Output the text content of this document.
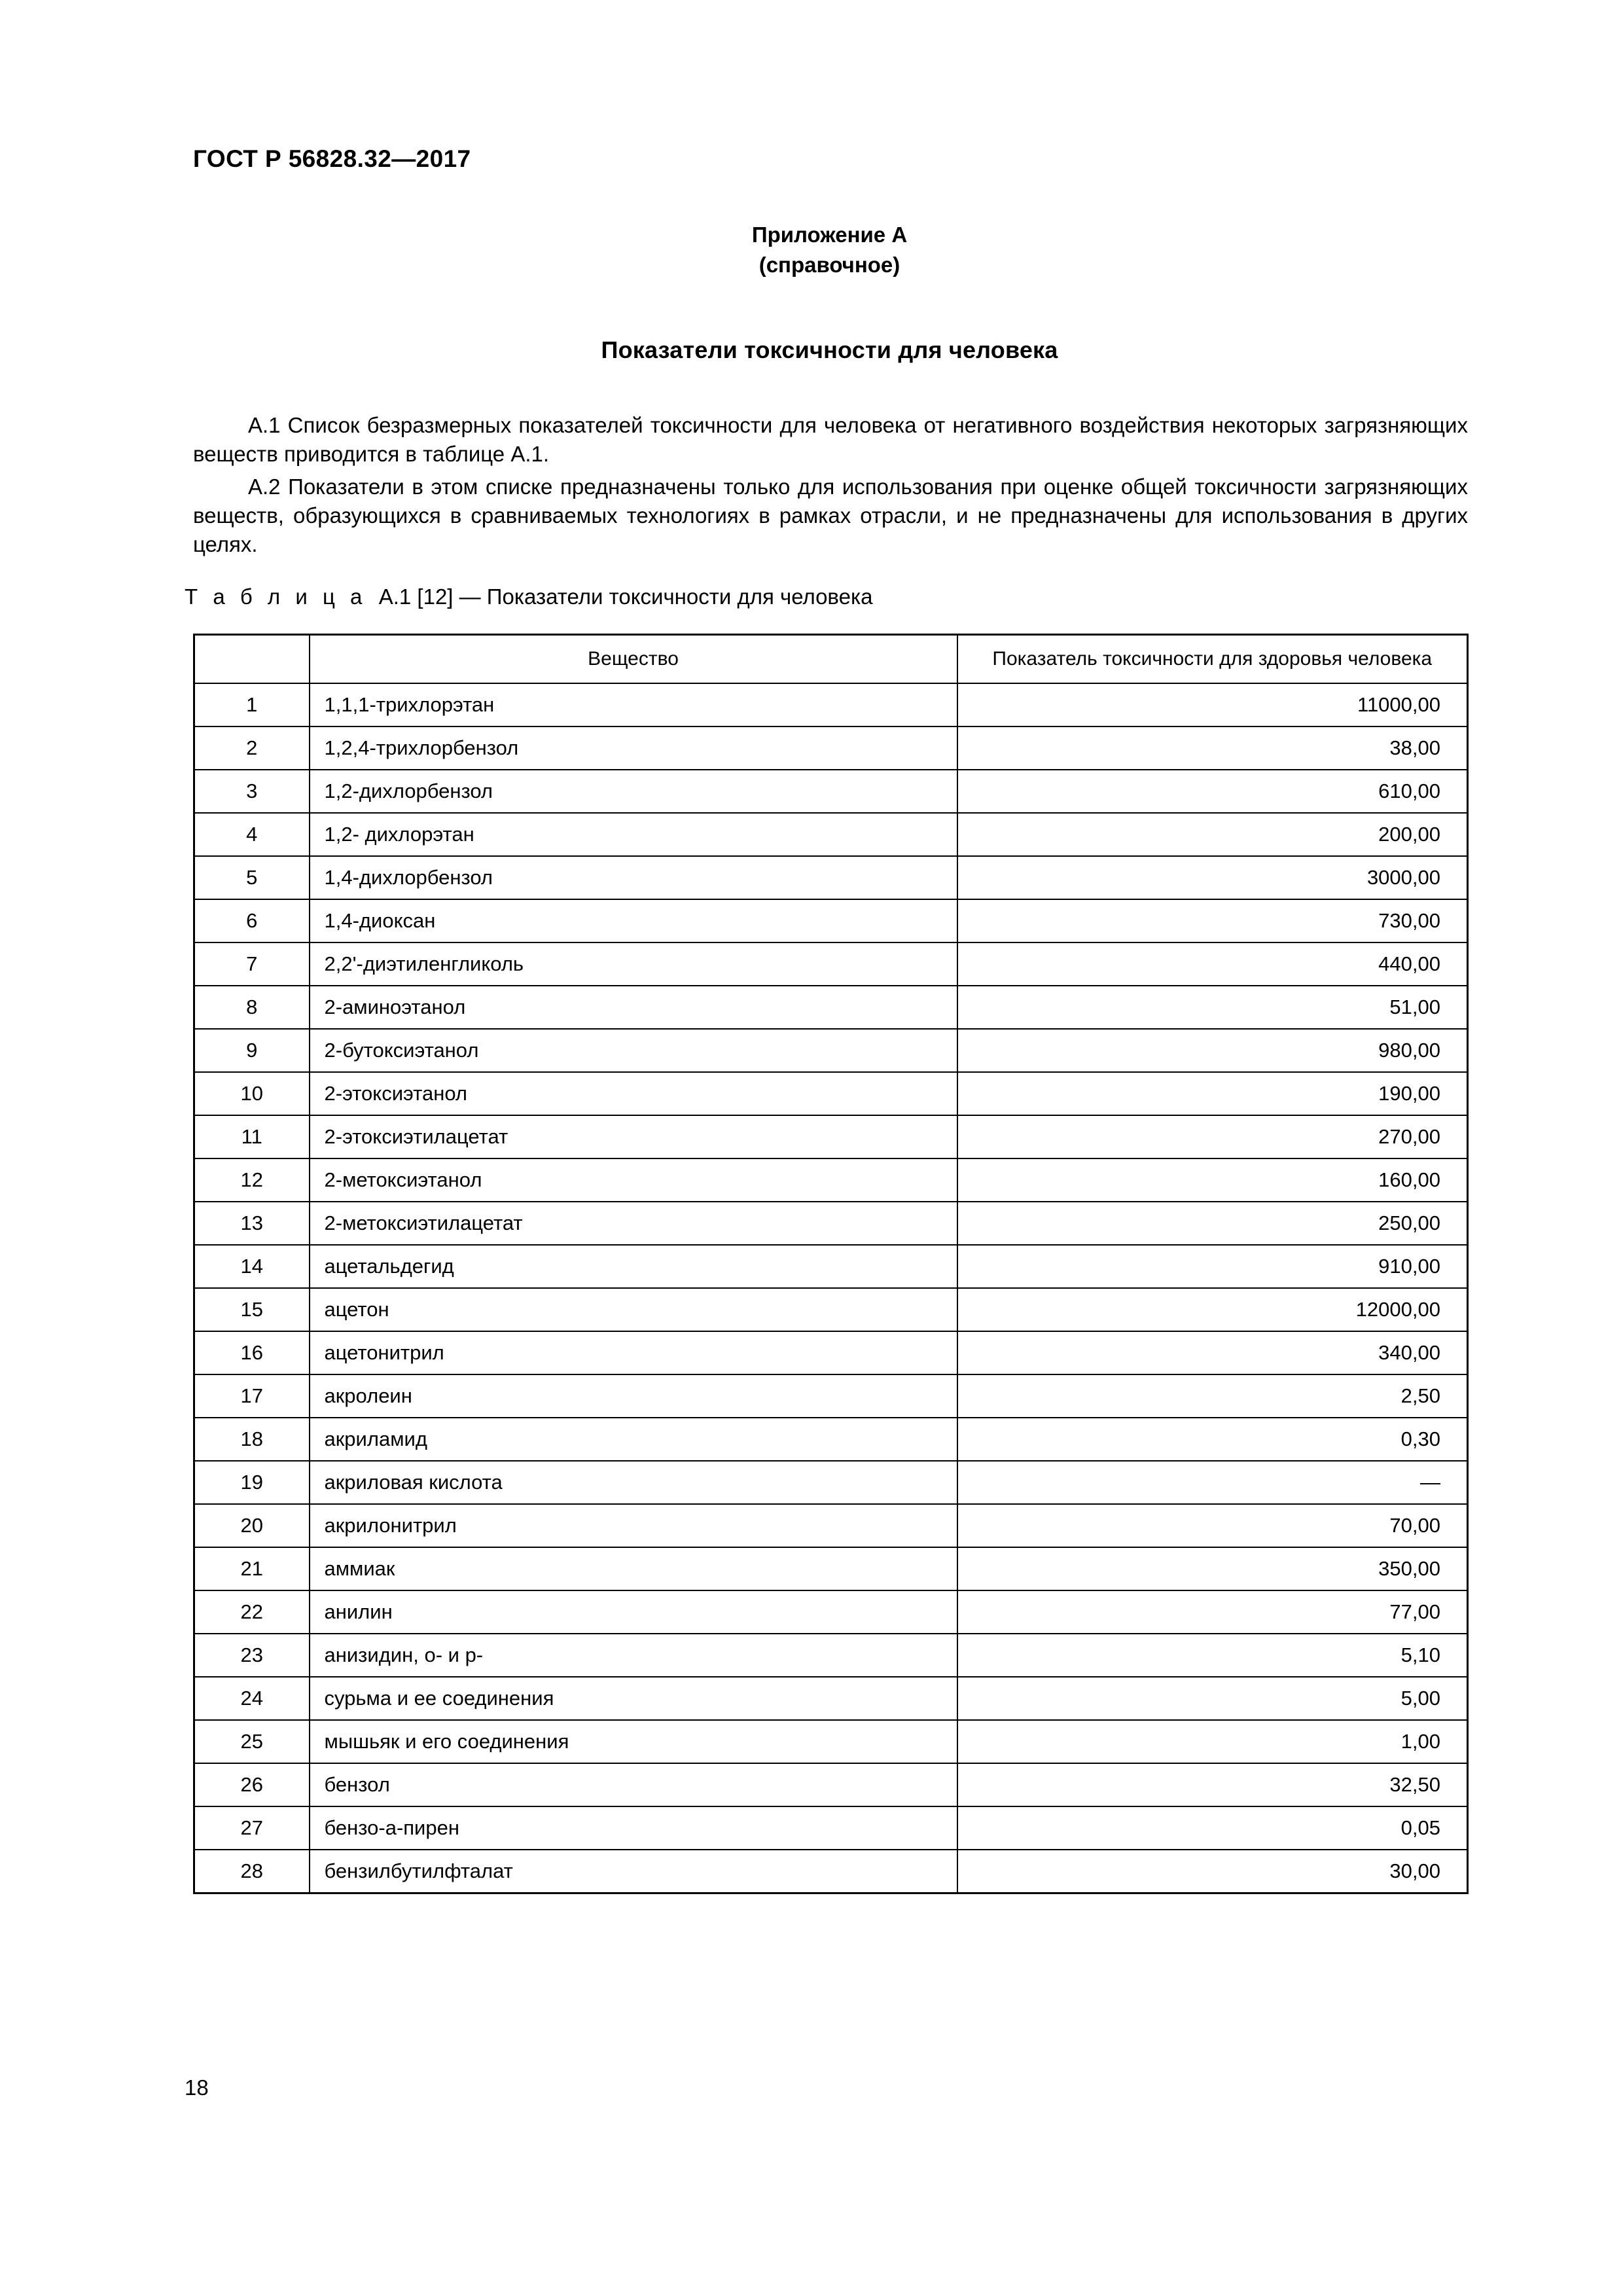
ГОСТ Р 56828.32—2017
Приложение А
(справочное)
Показатели токсичности для человека

А.1 Список безразмерных показателей токсичности для человека от негативного воздействия некоторых загрязняющих веществ приводится в таблице А.1.

А.2 Показатели в этом списке предназначены только для использования при оценке общей токсичности загрязняющих веществ, образующихся в сравниваемых технологиях в рамках отрасли, и не предназначены для использования в других целях.

Т а б л и ц а А.1 [12] — Показатели токсичности для человека
	Вещество	Показатель токсичности для здоровья человека
1	1,1,1-трихлорэтан	11000,00
2	1,2,4-трихлорбензол	38,00
3	1,2-дихлорбензол	610,00
4	1,2- дихлорэтан	200,00
5	1,4-дихлорбензол	3000,00
6	1,4-диоксан	730,00
7	2,2'-диэтиленгликоль	440,00
8	2-аминоэтанол	51,00
9	2-бутоксиэтанол	980,00
10	2-этоксиэтанол	190,00
11	2-этоксиэтилацетат	270,00
12	2-метоксиэтанол	160,00
13	2-метоксиэтилацетат	250,00
14	ацетальдегид	910,00
15	ацетон	12000,00
16	ацетонитрил	340,00
17	акролеин	2,50
18	акриламид	0,30
19	акриловая кислота	—
20	акрилонитрил	70,00
21	аммиак	350,00
22	анилин	77,00
23	анизидин, о- и р-	5,10
24	сурьма и ее соединения	5,00
25	мышьяк и его соединения	1,00
26	бензол	32,50
27	бензо-а-пирен	0,05
28	бензилбутилфталат	30,00
18
